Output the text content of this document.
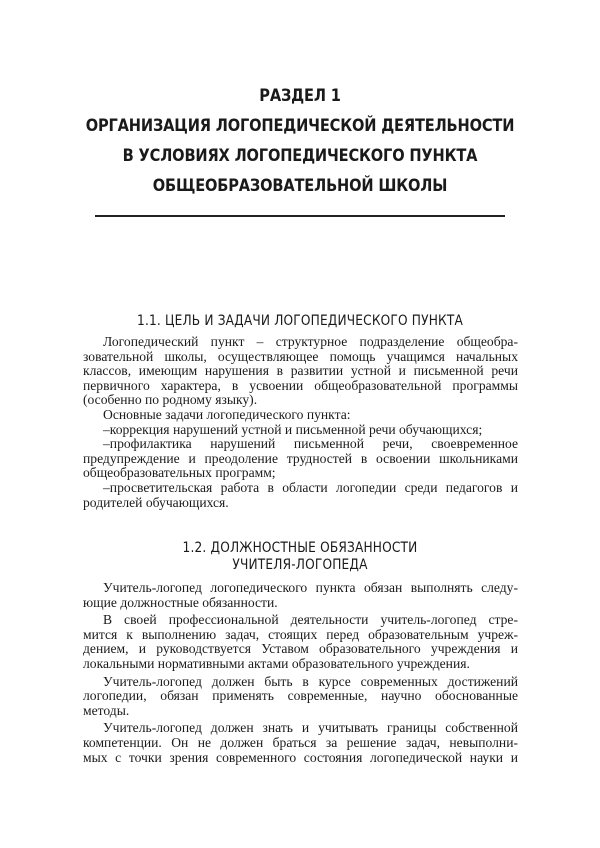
РАЗДЕЛ 1
ОРГАНИЗАЦИЯ ЛОГОПЕДИЧЕСКОЙ ДЕЯТЕЛЬНОСТИ
В УСЛОВИЯХ ЛОГОПЕДИЧЕСКОГО ПУНКТА
ОБЩЕОБРАЗОВАТЕЛЬНОЙ ШКОЛЫ
1.1. ЦЕЛЬ И ЗАДАЧИ ЛОГОПЕДИЧЕСКОГО ПУНКТА
Логопедический пункт – структурное подразделение общеобра-
зовательной школы, осуществляющее помощь учащимся начальных
классов, имеющим нарушения в развитии устной и письменной речи
первичного характера, в усвоении общеобразовательной программы
(особенно по родному языку).
Основные задачи логопедического пункта:
–коррекция нарушений устной и письменной речи обучающихся;
–профилактика нарушений письменной речи, своевременное
предупреждение и преодоление трудностей в освоении школьниками
общеобразовательных программ;
–просветительская работа в области логопедии среди педагогов и
родителей обучающихся.
1.2. ДОЛЖНОСТНЫЕ ОБЯЗАННОСТИ
УЧИТЕЛЯ-ЛОГОПЕДА
Учитель-логопед логопедического пункта обязан выполнять следу-
ющие должностные обязанности.
В своей профессиональной деятельности учитель-логопед стре-
мится к выполнению задач, стоящих перед образовательным учреж-
дением, и руководствуется Уставом образовательного учреждения и
локальными нормативными актами образовательного учреждения.
Учитель-логопед должен быть в курсе современных достижений
логопедии, обязан применять современные, научно обоснованные
методы.
Учитель-логопед должен знать и учитывать границы собственной
компетенции. Он не должен браться за решение задач, невыполни-
мых с точки зрения современного состояния логопедической науки и
